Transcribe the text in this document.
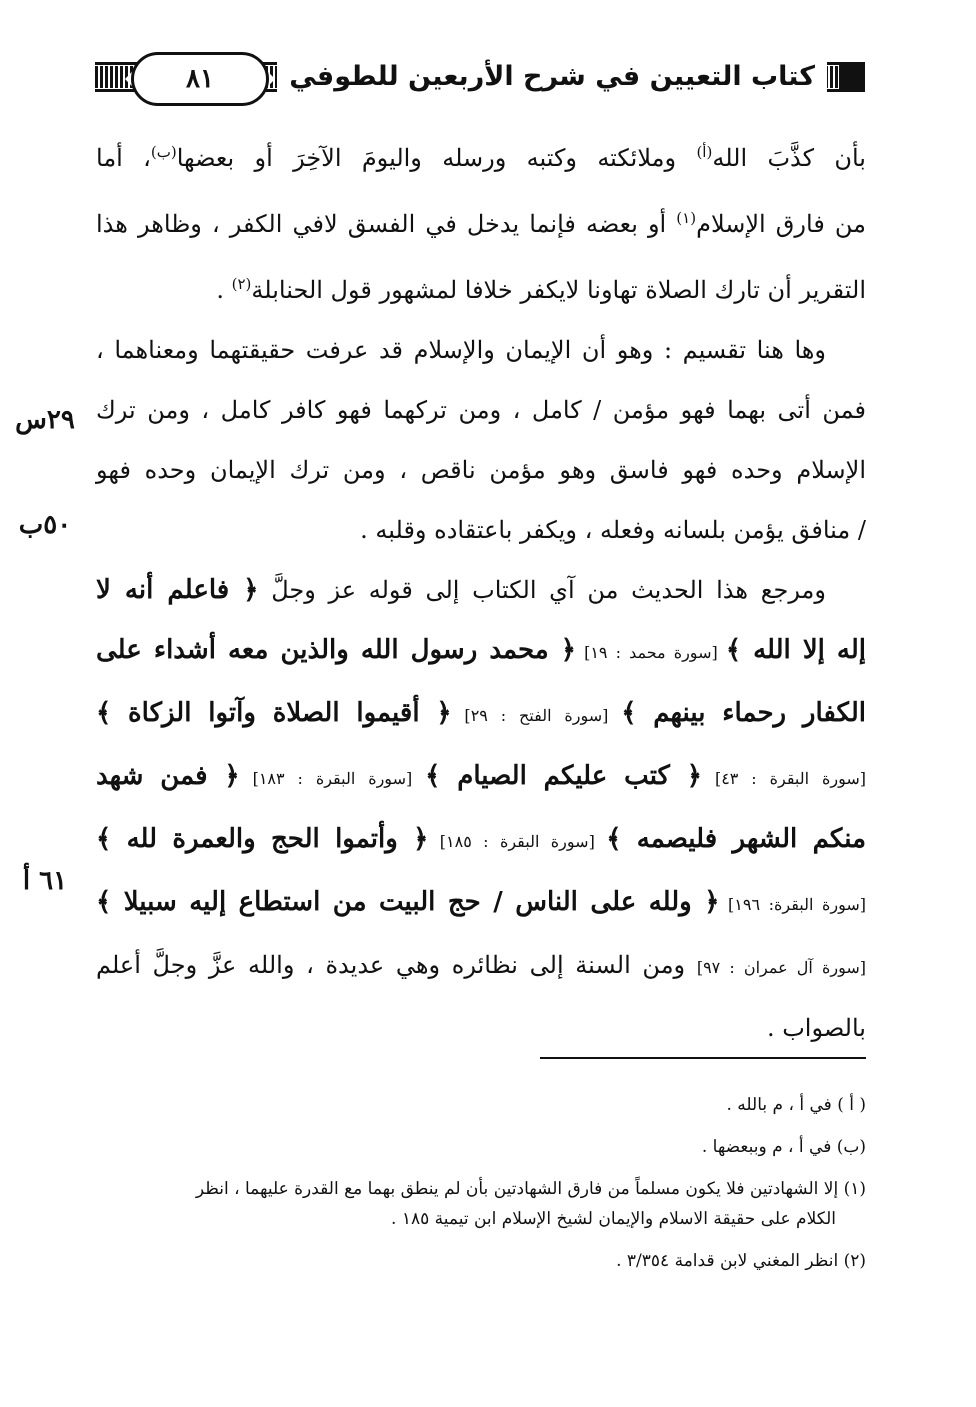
كتاب التعيين في شرح الأربعين للطوفي
٨١

بأن كذَّبَ الله$^{(أ)}$ وملائكته وكتبه ورسله واليومَ الآخِرَ أو بعضها$^{(ب)}$، أما
من فارق الإسلام$^{(١)}$ أو بعضه فإنما يدخل في الفسق لافي الكفر ، وظاهر هذا
التقرير أن تارك الصلاة تهاونا لايكفر خلافا لمشهور قول الحنابلة$^{(٢)}$ .

وها هنا تقسيم : وهو أن الإيمان والإسلام قد عرفت حقيقتهما ومعناهما ،
فمن أتى بهما فهو مؤمن / كامل ، ومن تركهما فهو كافر كامل ، ومن ترك
الإسلام وحده فهو فاسق وهو مؤمن ناقص ، ومن ترك الإيمان وحده فهو
/ منافق يؤمن بلسانه وفعله ، ويكفر باعتقاده وقلبه .

ومرجع هذا الحديث من آي الكتاب إلى قوله عز وجلَّ ﴿ فاعلم أنه لا
إله إلا الله ﴾ [سورة محمد : ١٩] ﴿ محمد رسول الله والذين معه أشداء على
الكفار رحماء بينهم ﴾ [سورة الفتح : ٢٩] ﴿ أقيموا الصلاة وآتوا الزكاة ﴾
[سورة البقرة : ٤٣] ﴿ كتب عليكم الصيام ﴾ [سورة البقرة : ١٨٣] ﴿ فمن شهد
منكم الشهر فليصمه ﴾ [سورة البقرة : ١٨٥] ﴿ وأتموا الحج والعمرة لله ﴾
[سورة البقرة: ١٩٦] ﴿ ولله على الناس / حج البيت من استطاع إليه سبيلا ﴾
[سورة آل عمران : ٩٧] ومن السنة إلى نظائره وهي عديدة ، والله عزَّ وجلَّ أعلم
بالصواب .

٢٩س
٥٠ب
٦١ أ

( أ ) في أ ، م بالله .

(ب) في أ ، م وببعضها .

(١) إلا الشهادتين فلا يكون مسلماً من فارق الشهادتين بأن لم ينطق بهما مع القدرة عليهما ، انظر
الكلام على حقيقة الاسلام والإيمان لشيخ الإسلام ابن تيمية ١٨٥ .

(٢) انظر المغني لابن قدامة ٣/٣٥٤ .
